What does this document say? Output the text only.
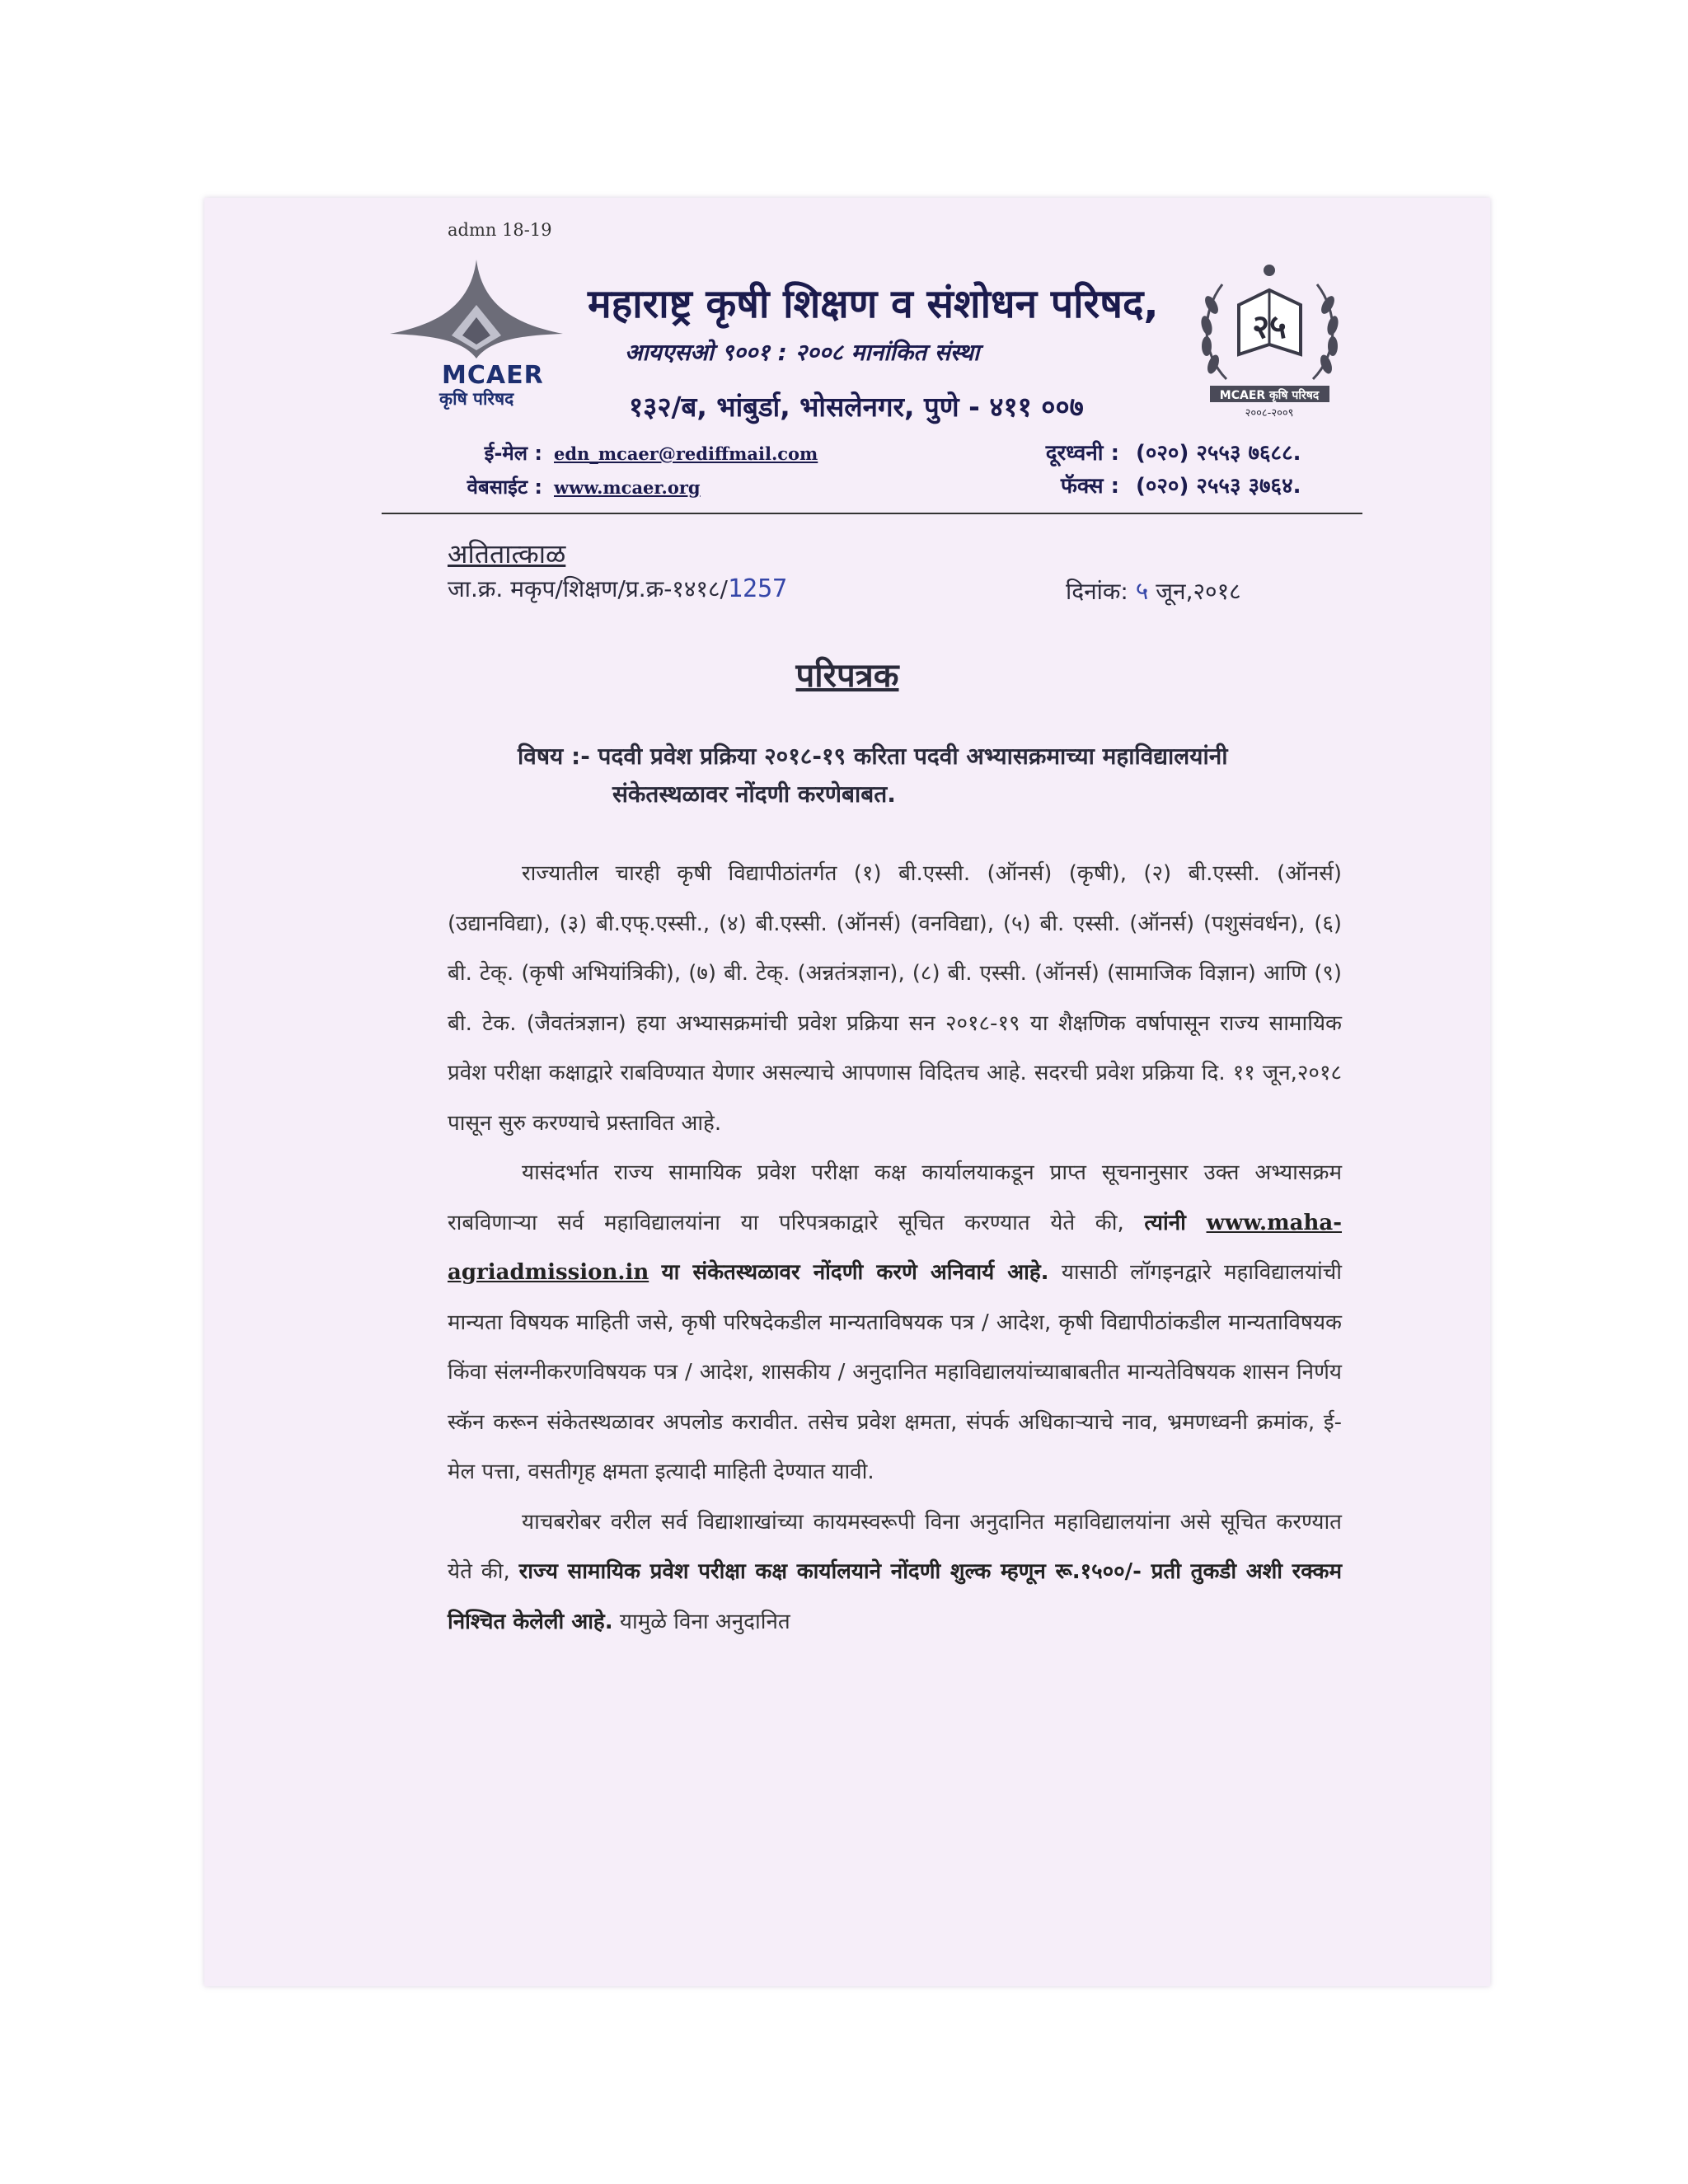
admn 18-19
MCAER
कृषि परिषद
महाराष्ट्र कृषी शिक्षण व संशोधन परिषद,
आयएसओ ९००१ : २००८ मानांकित संस्था
१३२/ब, भांबुर्डा, भोसलेनगर, पुणे - ४११ ००७
२५
MCAER कृषि परिषद
२००८-२००९
ई-मेल : edn_mcaer@rediffmail.com
वेबसाईट : www.mcaer.org
दूरध्वनी : (०२०) २५५३ ७६८८.
फॅक्स : (०२०) २५५३ ३७६४.
अतितात्काळ
जा.क्र. मकृप/शिक्षण/प्र.क्र-१४१८/1257	दिनांक: ५ जून,२०१८
परिपत्रक
विषय :- पदवी प्रवेश प्रक्रिया २०१८-१९ करिता पदवी अभ्यासक्रमाच्या महाविद्यालयांनी
संकेतस्थळावर नोंदणी करणेबाबत.

राज्यातील चारही कृषी विद्यापीठांतर्गत (१) बी.एस्सी. (ऑनर्स) (कृषी), (२) बी.एस्सी. (ऑनर्स) (उद्यानविद्या), (३) बी.एफ्.एस्सी., (४) बी.एस्सी. (ऑनर्स) (वनविद्या), (५) बी. एस्सी. (ऑनर्स) (पशुसंवर्धन), (६) बी. टेक्. (कृषी अभियांत्रिकी), (७) बी. टेक्. (अन्नतंत्रज्ञान), (८) बी. एस्सी. (ऑनर्स) (सामाजिक विज्ञान) आणि (९) बी. टेक. (जैवतंत्रज्ञान) हया अभ्यासक्रमांची प्रवेश प्रक्रिया सन २०१८-१९ या शैक्षणिक वर्षापासून राज्य सामायिक प्रवेश परीक्षा कक्षाद्वारे राबविण्यात येणार असल्याचे आपणास विदितच आहे. सदरची प्रवेश प्रक्रिया दि. ११ जून,२०१८ पासून सुरु करण्याचे प्रस्तावित आहे.

यासंदर्भात राज्य सामायिक प्रवेश परीक्षा कक्ष कार्यालयाकडून प्राप्त सूचनानुसार उक्त अभ्यासक्रम राबविणाऱ्या सर्व महाविद्यालयांना या परिपत्रकाद्वारे सूचित करण्यात येते की, त्यांनी www.maha-agriadmission.in या संकेतस्थळावर नोंदणी करणे अनिवार्य आहे. यासाठी लॉगइनद्वारे महाविद्यालयांची मान्यता विषयक माहिती जसे, कृषी परिषदेकडील मान्यताविषयक पत्र / आदेश, कृषी विद्यापीठांकडील मान्यताविषयक किंवा संलग्नीकरणविषयक पत्र / आदेश, शासकीय / अनुदानित महाविद्यालयांच्याबाबतीत मान्यतेविषयक शासन निर्णय स्कॅन करून संकेतस्थळावर अपलोड करावीत. तसेच प्रवेश क्षमता, संपर्क अधिकाऱ्याचे नाव, भ्रमणध्वनी क्रमांक, ई-मेल पत्ता, वसतीगृह क्षमता इत्यादी माहिती देण्यात यावी.

याचबरोबर वरील सर्व विद्याशाखांच्या कायमस्वरूपी विना अनुदानित महाविद्यालयांना असे सूचित करण्यात येते की, राज्य सामायिक प्रवेश परीक्षा कक्ष कार्यालयाने नोंदणी शुल्क म्हणून रू.१५००/- प्रती तुकडी अशी रक्कम निश्चित केलेली आहे. यामुळे विना अनुदानित
